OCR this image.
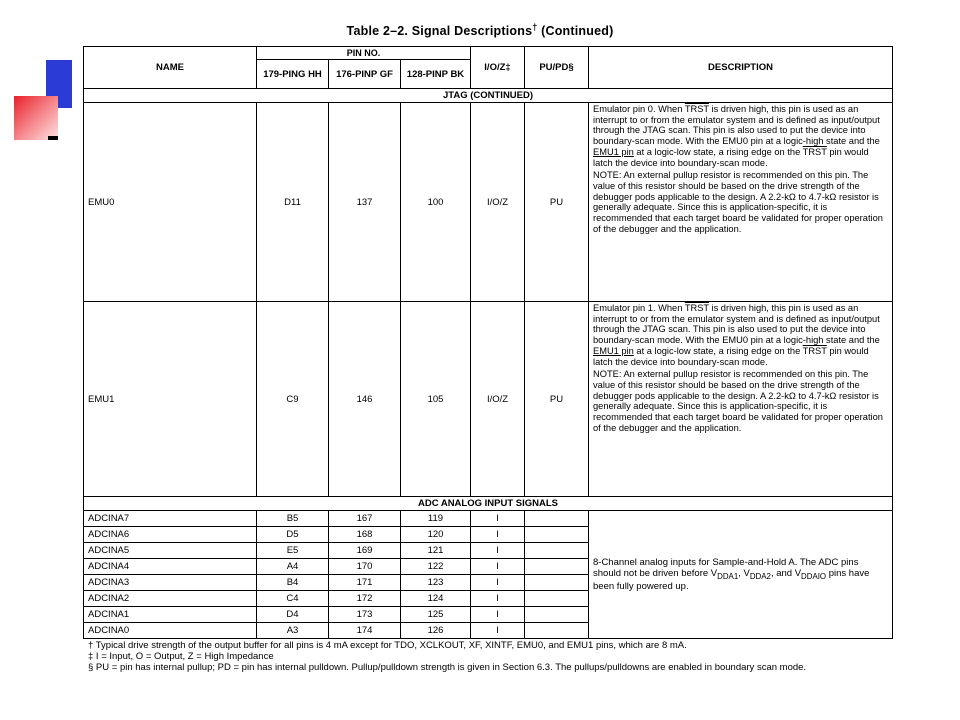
Table 2–2. Signal Descriptions† (Continued)
NAME	PIN NO.			I/O/Z‡	PU/PD§	DESCRIPTION
	179-PING HH	176-PINP GF	128-PINP BK			
JTAG (CONTINUED)						
EMU0	D11	137	100	I/O/Z	PU	Emulator pin 0. When TRST is driven high, this pin is used as an interrupt to or from the emulator system and is defined as input/output through the JTAG scan. This pin is also used to put the device into boundary-scan mode. With the EMU0 pin at a logic-high state and the EMU1 pin at a logic-low state, a rising edge on the TRST pin would latch the device into boundary-scan mode.

NOTE: An external pullup resistor is recommended on this pin. The value of this resistor should be based on the drive strength of the debugger pods applicable to the design. A 2.2-kΩ to 4.7-kΩ resistor is generally adequate. Since this is application-specific, it is recommended that each target board be validated for proper operation of the debugger and the application.

EMU1	C9	146	105	I/O/Z	PU	Emulator pin 1. When TRST is driven high, this pin is used as an interrupt to or from the emulator system and is defined as input/output through the JTAG scan. This pin is also used to put the device into boundary-scan mode. With the EMU0 pin at a logic-high state and the EMU1 pin at a logic-low state, a rising edge on the TRST pin would latch the device into boundary-scan mode.

NOTE: An external pullup resistor is recommended on this pin. The value of this resistor should be based on the drive strength of the debugger pods applicable to the design. A 2.2-kΩ to 4.7-kΩ resistor is generally adequate. Since this is application-specific, it is recommended that each target board be validated for proper operation of the debugger and the application.

ADC ANALOG INPUT SIGNALS						
ADCINA7	B5	167	119	I		8-Channel analog inputs for Sample-and-Hold A. The ADC pins should not be driven before $V_{DDA1}$, $V_{DDA2}$, and $V_{DDAIO}$ pins have been fully powered up.
ADCINA6	D5	168	120	I		
ADCINA5	E5	169	121	I		
ADCINA4	A4	170	122	I		
ADCINA3	B4	171	123	I		
ADCINA2	C4	172	124	I		
ADCINA1	D4	173	125	I		
ADCINA0	A3	174	126	I		
† Typical drive strength of the output buffer for all pins is 4 mA except for TDO, XCLKOUT, XF, XINTF, EMU0, and EMU1 pins, which are 8 mA.
‡ I = Input, O = Output, Z = High Impedance
§ PU = pin has internal pullup; PD = pin has internal pulldown. Pullup/pulldown strength is given in Section 6.3. The pullups/pulldowns are enabled in boundary scan mode.
